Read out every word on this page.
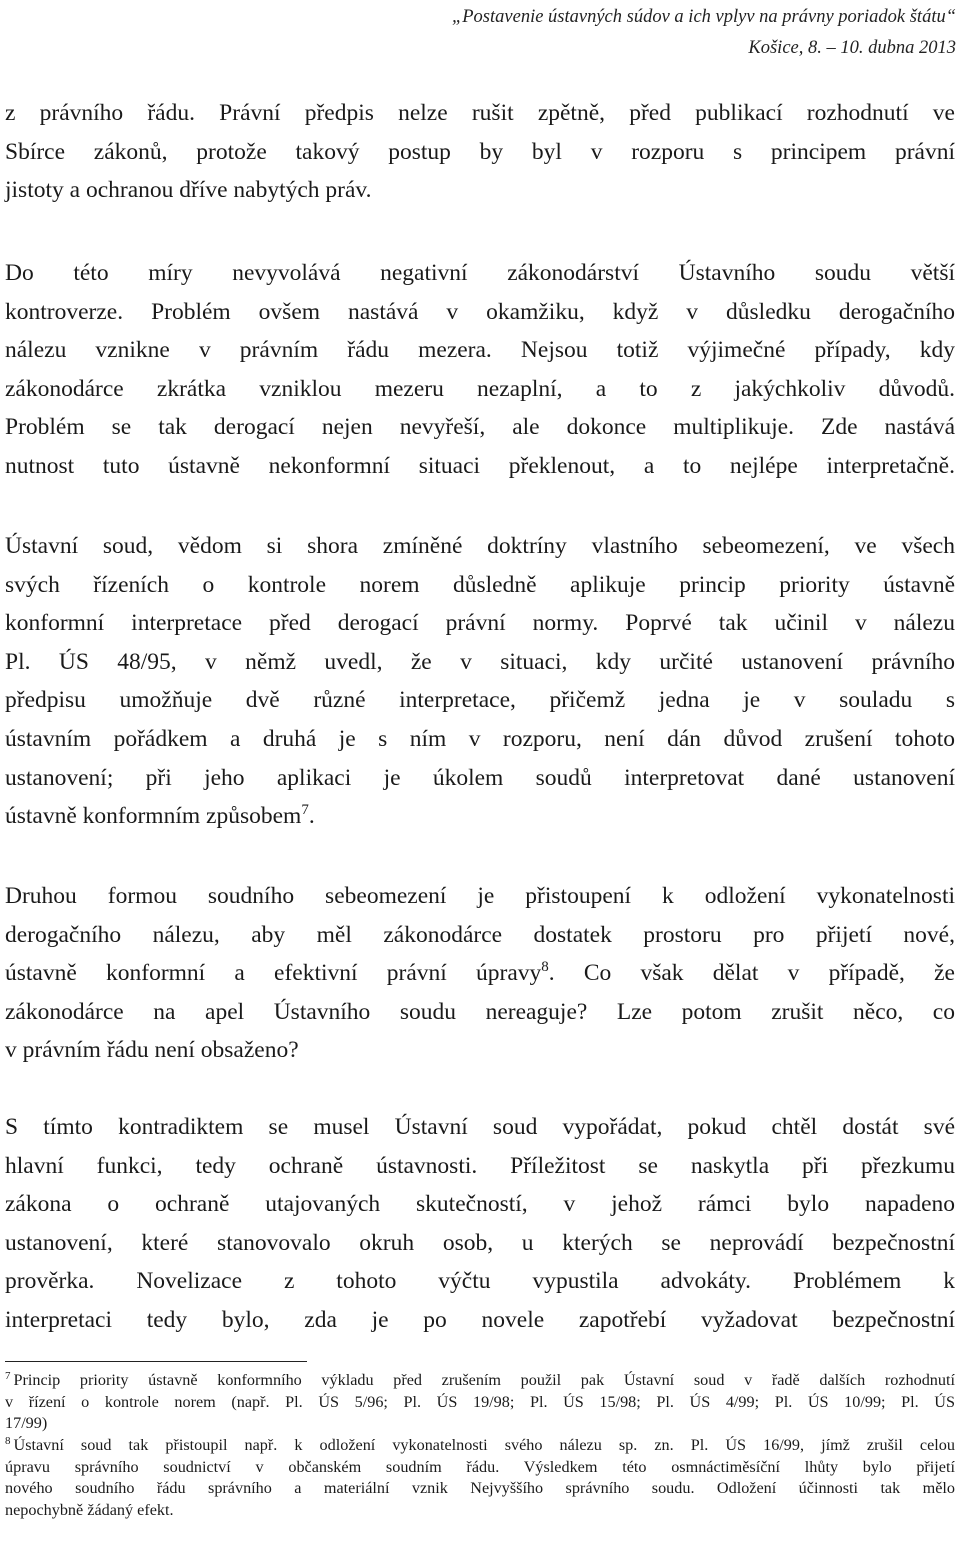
„Postavenie ústavných súdov a ich vplyv na právny poriadok štátu“
Košice, 8. – 10. dubna 2013
z právního řádu. Právní předpis nelze rušit zpětně, před publikací rozhodnutí ve
Sbírce zákonů, protože takový postup by byl v rozporu s principem právní
jistoty a ochranou dříve nabytých práv.
Do této míry nevyvolává negativní zákonodárství Ústavního soudu větší
kontroverze. Problém ovšem nastává v okamžiku, když v důsledku derogačního
nálezu vznikne v právním řádu mezera. Nejsou totiž výjimečné případy, kdy
zákonodárce zkrátka vzniklou mezeru nezaplní, a to z jakýchkoliv důvodů.
Problém se tak derogací nejen nevyřeší, ale dokonce multiplikuje. Zde nastává
nutnost tuto ústavně nekonformní situaci překlenout, a to nejlépe interpretačně.
Ústavní soud, vědom si shora zmíněné doktríny vlastního sebeomezení, ve všech
svých řízeních o kontrole norem důsledně aplikuje princip priority ústavně
konformní interpretace před derogací právní normy. Poprvé tak učinil v nálezu
Pl. ÚS 48/95, v němž uvedl, že v situaci, kdy určité ustanovení právního
předpisu umožňuje dvě různé interpretace, přičemž jedna je v souladu s
ústavním pořádkem a druhá je s ním v rozporu, není dán důvod zrušení tohoto
ustanovení; při jeho aplikaci je úkolem soudů interpretovat dané ustanovení
ústavně konformním způsobem$^7$.
Druhou formou soudního sebeomezení je přistoupení k odložení vykonatelnosti
derogačního nálezu, aby měl zákonodárce dostatek prostoru pro přijetí nové,
ústavně konformní a efektivní právní úpravy$^8$. Co však dělat v případě, že
zákonodárce na apel Ústavního soudu nereaguje? Lze potom zrušit něco, co
v právním řádu není obsaženo?
S tímto kontradiktem se musel Ústavní soud vypořádat, pokud chtěl dostát své
hlavní funkci, tedy ochraně ústavnosti. Příležitost se naskytla při přezkumu
zákona o ochraně utajovaných skutečností, v jehož rámci bylo napadeno
ustanovení, které stanovovalo okruh osob, u kterých se neprovádí bezpečnostní
prověrka. Novelizace z tohoto výčtu vypustila advokáty. Problémem k
interpretaci tedy bylo, zda je po novele zapotřebí vyžadovat bezpečnostní
$^7$ Princip priority ústavně konformního výkladu před zrušením použil pak Ústavní soud v řadě dalších rozhodnutí
v řízení o kontrole norem (např. Pl. ÚS 5/96; Pl. ÚS 19/98; Pl. ÚS 15/98; Pl. ÚS 4/99; Pl. ÚS 10/99; Pl. ÚS
17/99)
$^8$ Ústavní soud tak přistoupil např. k odložení vykonatelnosti svého nálezu sp. zn. Pl. ÚS 16/99, jímž zrušil celou
úpravu správního soudnictví v občanském soudním řádu. Výsledkem této osmnáctiměsíční lhůty bylo přijetí
nového soudního řádu správního a materiální vznik Nejvyššího správního soudu. Odložení účinnosti tak mělo
nepochybně žádaný efekt.
